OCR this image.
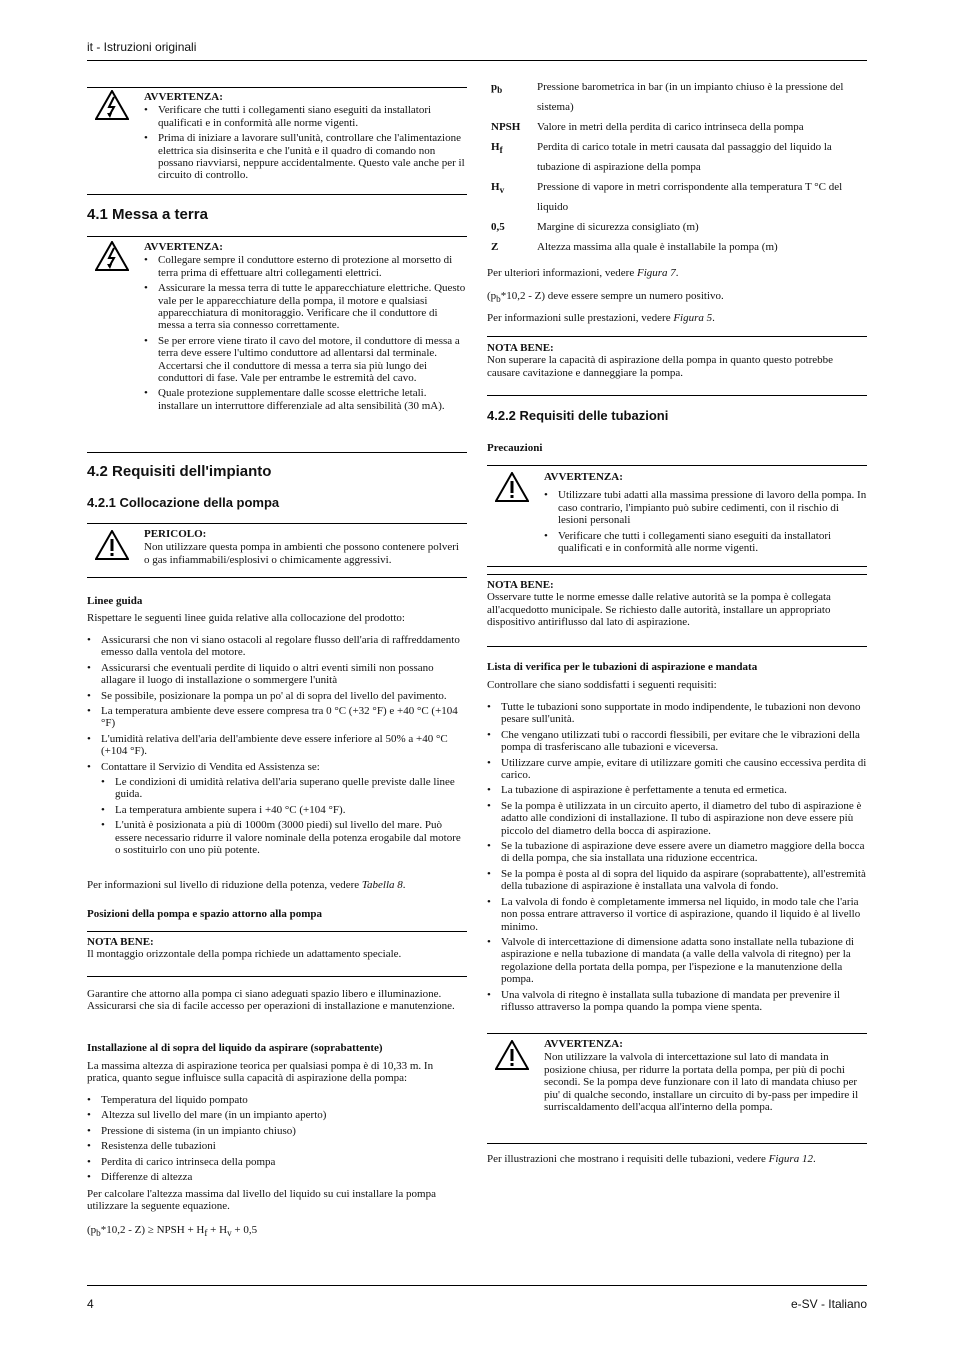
it - Istruzioni originali
AVVERTENZA:
• Verificare che tutti i collegamenti siano eseguiti da installatori qualificati e in conformità alle norme vigenti.
• Prima di iniziare a lavorare sull'unità, controllare che l'alimentazione elettrica sia disinserita e che l'unità e il quadro di comando non possano riavviarsi, neppure accidentalmente. Questo vale anche per il circuito di controllo.
4.1 Messa a terra
AVVERTENZA:
• Collegare sempre il conduttore esterno di protezione al morsetto di terra prima di effettuare altri collegamenti elettrici.
• Assicurare la messa terra di tutte le apparecchiature elettriche. Questo vale per le apparecchiature della pompa, il motore e qualsiasi apparecchiatura di monitoraggio. Verificare che il conduttore di messa a terra sia connesso correttamente.
• Se per errore viene tirato il cavo del motore, il conduttore di messa a terra deve essere l'ultimo conduttore ad allentarsi dal terminale. Accertarsi che il conduttore di messa a terra sia più lungo dei conduttori di fase. Vale per entrambe le estremità del cavo.
• Quale protezione supplementare dalle scosse elettriche letali. installare un interruttore differenziale ad alta sensibilità (30 mA).
4.2 Requisiti dell'impianto
4.2.1 Collocazione della pompa
PERICOLO:

Non utilizzare questa pompa in ambienti che possono contenere polveri o gas infiammabili/esplosivi o chimicamente aggressivi.

Linee guida

Rispettare le seguenti linee guida relative alla collocazione del prodotto:

• Assicurarsi che non vi siano ostacoli al regolare flusso dell'aria di raffreddamento emesso dalla ventola del motore.
• Assicurarsi che eventuali perdite di liquido o altri eventi simili non possano allagare il luogo di installazione o sommergere l'unità
• Se possibile, posizionare la pompa un po' al di sopra del livello del pavimento.
• La temperatura ambiente deve essere compresa tra 0 °C (+32 °F) e +40 °C (+104 °F)
• L'umidità relativa dell'aria dell'ambiente deve essere inferiore al 50% a +40 °C (+104 °F).
• Contattare il Servizio di Vendita ed Assistenza se:
• Le condizioni di umidità relativa dell'aria superano quelle previste dalle linee guida.
• La temperatura ambiente supera i +40 °C (+104 °F).
• L'unità è posizionata a più di 1000m (3000 piedi) sul livello del mare. Può essere necessario ridurre il valore nominale della potenza erogabile dal motore o sostituirlo con uno più potente.

Per informazioni sul livello di riduzione della potenza, vedere Tabella 8.

Posizioni della pompa e spazio attorno alla pompa
NOTA BENE:

Il montaggio orizzontale della pompa richiede un adattamento speciale.

Garantire che attorno alla pompa ci siano adeguati spazio libero e illuminazione. Assicurarsi che sia di facile accesso per operazioni di installazione e manutenzione.

Installazione al di sopra del liquido da aspirare (soprabattente)

La massima altezza di aspirazione teorica per qualsiasi pompa è di 10,33 m. In pratica, quanto segue influisce sulla capacità di aspirazione della pompa:

• Temperatura del liquido pompato
• Altezza sul livello del mare (in un impianto aperto)
• Pressione di sistema (in un impianto chiuso)
• Resistenza delle tubazioni
• Perdita di carico intrinseca della pompa
• Differenze di altezza

Per calcolare l'altezza massima dal livello del liquido su cui installare la pompa utilizzare la seguente equazione.

$(p_b*10,2 - Z)$ ≥ NPSH + $H_f + H_v + 0,5$

$p_b$	Pressione barometrica in bar (in un impianto chiuso è la pressione del sistema)
NPSH Valore in metri della perdita di carico intrinseca della pompa
$H_f$	Perdita di carico totale in metri causata dal passaggio del liquido la tubazione di aspirazione della pompa
$H_v$	Pressione di vapore in metri corrispondente alla temperatura T °C del liquido
0,5	Margine di sicurezza consigliato (m)
Z	Altezza massima alla quale è installabile la pompa (m)

Per ulteriori informazioni, vedere Figura 7.

$(p_b*10,2 - Z)$ deve essere sempre un numero positivo.

Per informazioni sulle prestazioni, vedere Figura 5.

NOTA BENE:

Non superare la capacità di aspirazione della pompa in quanto questo potrebbe causare cavitazione e danneggiare la pompa.

4.2.2 Requisiti delle tubazioni
Precauzioni
AVVERTENZA:
• Utilizzare tubi adatti alla massima pressione di lavoro della pompa. In caso contrario, l'impianto può subire cedimenti, con il rischio di lesioni personali
• Verificare che tutti i collegamenti siano eseguiti da installatori qualificati e in conformità alle norme vigenti.
NOTA BENE:

Osservare tutte le norme emesse dalle relative autorità se la pompa è collegata all'acquedotto municipale. Se richiesto dalle autorità, installare un appropriato dispositivo antiriflusso dal lato di aspirazione.

Lista di verifica per le tubazioni di aspirazione e mandata

Controllare che siano soddisfatti i seguenti requisiti:

• Tutte le tubazioni sono supportate in modo indipendente, le tubazioni non devono pesare sull'unità.
• Che vengano utilizzati tubi o raccordi flessibili, per evitare che le vibrazioni della pompa di trasferiscano alle tubazioni e viceversa.
• Utilizzare curve ampie, evitare di utilizzare gomiti che causino eccessiva perdita di carico.
• La tubazione di aspirazione è perfettamente a tenuta ed ermetica.
• Se la pompa è utilizzata in un circuito aperto, il diametro del tubo di aspirazione è adatto alle condizioni di installazione. Il tubo di aspirazione non deve essere più piccolo del diametro della bocca di aspirazione.
• Se la tubazione di aspirazione deve essere avere un diametro maggiore della bocca di della pompa, che sia installata una riduzione eccentrica.
• Se la pompa è posta al di sopra del liquido da aspirare (soprabattente), all'estremità della tubazione di aspirazione è installata una valvola di fondo.
• La valvola di fondo è completamente immersa nel liquido, in modo tale che l'aria non possa entrare attraverso il vortice di aspirazione, quando il liquido è al livello minimo.
• Valvole di intercettazione di dimensione adatta sono installate nella tubazione di aspirazione e nella tubazione di mandata (a valle della valvola di ritegno) per la regolazione della portata della pompa, per l'ispezione e la manutenzione della pompa.
• Una valvola di ritegno è installata sulla tubazione di mandata per prevenire il riflusso attraverso la pompa quando la pompa viene spenta.
AVVERTENZA:

Non utilizzare la valvola di intercettazione sul lato di mandata in posizione chiusa, per ridurre la portata della pompa, per più di pochi secondi. Se la pompa deve funzionare con il lato di mandata chiuso per piu' di qualche secondo, installare un circuito di by-pass per impedire il surriscaldamento dell'acqua all'interno della pompa.

Per illustrazioni che mostrano i requisiti delle tubazioni, vedere Figura 12.

4	e-SV - Italiano
